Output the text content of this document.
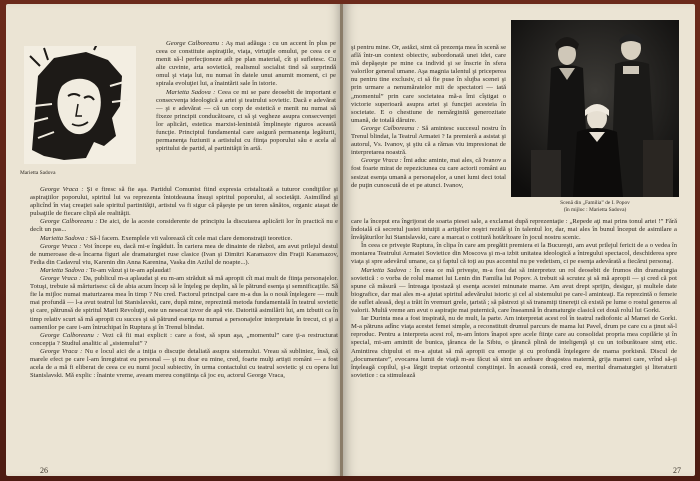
Marietta Sadova

George Calboreanu : Aş mai adăuga : cu un accent în plus pe ceea ce constituie aspiraţiile, viaţa, virtuţile omului, pe ceea ce e menit să-l perfecţioneze atît pe plan material, cît şi sufletesc. Cu alte cuvinte, arta sovietică, realismul socialist tind să surprindă omul şi viaţa lui, nu numai în datele unui anumit moment, ci pe spirala evoluţiei lui, a înaintării sale în istorie.

Marietta Sadova : Ceea ce mi se pare deosebit de important e consecvenţa ideologică a artei şi teatrului sovietic. Dacă e adevărat — şi e adevărat — că un corp de estetică e menit nu numai să fixeze principii conducătoare, ci să şi vegheze asupra consecvenţei lor aplicări, estetica marxist-leninistă împlineşte riguros această funcţie. Principiul fundamental care asigură permanenţa legăturii, permanenţa fuziunii a artistului cu fiinţa poporului său e acela al spiritului de partid, al partinităţii în artă.

George Vraca : Şi e firesc să fie aşa. Partidul Comunist fiind expresia cristalizată a tuturor condiţiilor şi aspiraţiilor poporului, spiritul lui va reprezenta întotdeauna însuşi spiritul poporului, al societăţii. Asimilînd şi aplicînd în viaţ creaţiei sale spiritul partinităţii, artistul va fi sigur că păşeşte pe un teren sănătos, organic ataşat de pulsaţiile de fiecare clipă ale realităţii.

George Calboreanu : De aici, de la aceste considerente de principiu la discutarea aplicării lor în practică nu e decît un pas...

Marietta Sadova : Să-l facem. Exemplele vii valorează cît cele mai clare demonstraţii teoretice.

George Vraca : Voi începe eu, dacă mi-e îngăduit. În cariera mea de dinainte de război, am avut prilejul destul de numeroase de-a încarna figuri ale dramaturgiei ruse clasice (Ivan şi Dimitri Karamazov din Fraţii Karamazov, Fedia din Cadavrul viu, Karenin din Anna Karenina, Vaska din Azilul de noapte...).

Marietta Sadova : Te-am văzut şi te-am aplaudat!

George Vraca : Da, publicul m-a aplaudat şi eu m-am străduit să mă apropii cît mai mult de fiinţa personajelor. Totuşi, trebuie să mărturisesc că de abia acum încep să le înţeleg pe deplin, să le pătrund esenţa şi semnificaţiile. Să fie la mijloc numai maturizarea mea în timp ? Nu cred. Factorul principal care m-a dus la o nouă înţelegere — mult mai profundă — l-a avut teatrul lui Stanislavski, care, după mine, reprezintă metoda fundamentală în teatrul sovietic şi care, pătrunsă de spiritul Marii Revoluţii, este un nesecat izvor de apă vie. Datorită asimilării lui, am izbutit ca în timp relativ scurt să mă apropii cu succes şi să pătrund esenţa nu numai a personajelor interpretate în trecut, ci şi a oamenilor pe care i-am întruchipat în Ruptura şi în Trenul blindat.

George Calboreanu : Vezi că fii mai explicit : care a fost, să spun aşa, „momentul” care ţi-a restructurat concepţia ? Studiul analitic al „sistemului” ?

George Vraca : Nu e locul aici de a iniţia o discuţie detaliată asupra sistemului. Vreau să subliniez, însă, că marele efect pe care l-am înregistrat eu personal — şi nu doar eu mine, cred, foarte mulţi artişti români — a fost acela de a mă fi eliberat de ceea ce eu numi jocul subiectiv, în urma contactului cu teatrul sovietic şi cu opera lui Stanislavski. Mă explic : înainte vreme, aveam mereu conştiinţa că joc eu, actorul George Vraca,

26

şi pentru mine. Or, astăzi, simt că prezenţa mea în scenă se află într-un context obiectiv, subordonată unei idei, care mă depăşeşte pe mine ca individ şi se înscrie în sfera valorilor general umane. Aşa magnia talentul şi priceperea nu pentru tine exclusiv, ci să fie puse în slujba scenei şi prin urmare a nenumăratelor mii de spectatori — iată „momentul” prin care societatea mă-a îmi cîştigat o victorie superioară asupra artei şi funcţiei acesteia în societate. E o chestiune de nemărginită generozitate umană, de totală dăruire.

George Calboreanu : Să amintesc succesul nostru în Trenul blindat, la Teatrul Armatei ? Ia premieră a asistat şi autorul, Vs. Ivanov, şi ştiu că a rămas viu impresionat de interpretarea noastră.

George Vraca : Îmi aduc aminte, mai ales, că Ivanov a fost foarte mirat de repeziciunea cu care actorii români au sesizat esenţa umană a personajelor, a unei lumi deci total de puţin cunoscută de ei pe atunci. Ivanov,

Scenă din „Familia” de I. Popov
(în mijloc : Marietta Sadova)

care la început era îngrijorat de soarta piesei sale, a exclamat după reprezentaţie : „Repede aţi mai prins tonul artei !” Fără îndoială că secretul justei intuiţii a artiştilor noştri rezidă şi în talentul lor, dar, mai ales în bunul început de asimilare a învăţăturilor lui Stanislavski, care a marcat o cotitură hotărîtoare în jocul nostru scenic.

În ceea ce priveşte Ruptura, în clipa în care am pregătit premiera ei la Bucureşti, am avut prilejul fericit de a o vedea în montarea Teatrului Armatei Sovietice din Moscova şi m-a izbit unitatea ideologică a întregului spectacol, deschiderea spre viaţa şi spre adevărul umane, ca şi faptul că toţi au pus accentul nu pe vedetism, ci pe esenţa adevărată a fiecărui personaj.

Marietta Sadova : În ceea ce mă priveşte, m-a fost dat să interpretez un rol deosebit de frumos din dramaturgia sovietică : o vorba de rolul mamei lui Lenin din Familia lui Popov. A trebuit să scrutez şi să mă apropii — şi cred că pot spune că măsură — întreaga ipostază şi esenţa acestei minunate mame. Am avut drept sprijin, desigur, şi multele date biografice, dar mai ales m-a ajutat spiritul adevărului istoric şi cel al sistemului pe care-l aminteaţi. Ea reprezintă o femeie de suflet aleasă, deşi a trăit în vremuri grele, ţaristă ; să păstrezi şi să transmiţi tinereţii că există pe lume o rostul generos al valorii. Multă vreme am avut o aspiraţie mai puternică, care înseamnă în dramaturgie clasică cei două rolul lui Gorki.

Iar Durinta mea a fost inspirată, nu de mult, la parte. Am interpretat acest rol în teatrul radiofonic al Mamei de Gorki. M-a pătruns adînc viaţa acestei femei simple, a reconstituit drumul parcurs de mama lui Pavel, drum pe care cu a ţinut să-l reproduc. Pentru a interpreta acest rol, m-am întors înapoi spre acele fiinţe care au consolidat propria mea copilărie şi în special, mi-am amintit de bunica, ţăranca de la Sibiu, o ţărancă plină de inteligenţă şi cu un toiburătoare simţ etic. Amintirea chipului ei m-a ajutat să mă apropii cu emoţie şi cu profundă înţelegere de mama porkisnă. Discul de „documentare”, evocarea lumii de viaţă m-au făcut să simt un ardoare dragostea maternă, grija mamei care, vrînd să-şi înţeleagă copilul, şi-a lărgit treptat orizontul conştiinţei. În această constă, cred eu, meritul dramaturgiei şi literaturii sovietice : ca stimulează

27
